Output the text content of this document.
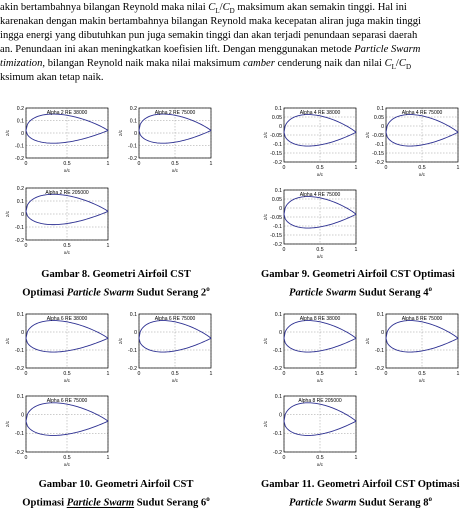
akin bertambahnya bilangan Reynold maka nilai $C_L/C_D$ maksimum akan semakin tinggi. Hal ini
karenakan dengan makin bertambahnya bilangan Reynold maka kecepatan aliran juga makin tinggi
ingga energi yang dibutuhkan pun juga semakin tinggi dan akan terjadi penundaan separasi daerah
an. Penundaan ini akan meningkatkan koefisien lift. Dengan menggunakan metode Particle Swarm
timization, bilangan Reynold naik maka nilai maksimum camber cenderung naik dan nilai $C_L/C_D$
ksimum akan tetap naik.
Alpha 2 RE 38000
0.2
0.1
0
-0.1
-0.2
0	0.5	1
x/c
z/c
Alpha 2 RE 75000
0.2
0.1
0
-0.1
-0.2
0	0.5	1
x/c
z/c
Alpha 2 RE 205000
0.2
0.1
0
-0.1
-0.2
0	0.5	1
x/c
z/c
Alpha 4 RE 38000
0.1
0.05
0
-0.05
-0.1
-0.15
-0.2
0	0.5	1
x/c
z/c
Alpha 4 RE 75000
0.1
0.05
0
-0.05
-0.1
-0.15
-0.2
0	0.5	1
x/c
z/c
Alpha 4 RE 75000
0.1
0.05
0
-0.05
-0.1
-0.15
-0.2
0	0.5	1
x/c
z/c
Gambar 8. Geometri Airfoil CST
Optimasi Particle Swarm Sudut Serang 2$^o$
Gambar 9. Geometri Airfoil CST Optimasi
Particle Swarm Sudut Serang 4$^o$
Alpha 6 RE 38000
0.1
0
-0.1
-0.2
0	0.5	1
x/c
z/c
Alpha 6 RE 75000
0.1
0
-0.1
-0.2
0	0.5	1
x/c
z/c
Alpha 6 RE 75000
0.1
0
-0.1
-0.2
0	0.5	1
x/c
z/c
Alpha 8 RE 38000
0.1
0
-0.1
-0.2
0	0.5	1
x/c
z/c
Alpha 8 RE 75000
0.1
0
-0.1
-0.2
0	0.5	1
x/c
z/c
Alpha 8 RE 205000
0.1
0
-0.1
-0.2
0	0.5	1
x/c
z/c
Gambar 10. Geometri Airfoil CST
Optimasi Particle Swarm Sudut Serang 6$^o$
Gambar 11. Geometri Airfoil CST Optimasi
Particle Swarm Sudut Serang 8$^o$
